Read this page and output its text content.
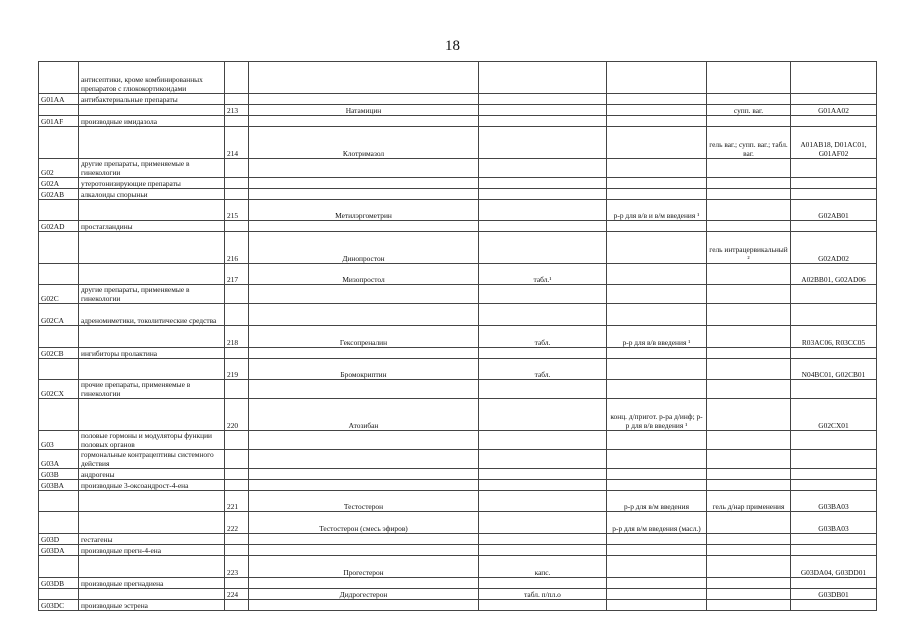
18
	антисептики, кроме комбинированных препаратов с глюкокортикоидами						
G01AA	антибактериальные препараты						
		213	Натамицин			супп. ваг.	G01AA02
G01AF	производные имидазола						
		214	Клотримазол			гель ваг.; супп. ваг.; табл. ваг.	A01AB18, D01AC01, G01AF02
G02	другие препараты, применяемые в гинекологии						
G02A	утеротонизирующие препараты						
G02AB	алкалоиды спорыньи						
		215	Метилэргометрин		р-р для в/в и в/м введения ¹		G02AB01
G02AD	простагландины						
		216	Динопростон			гель интрацервикальный ²	G02AD02
		217	Мизопростол	табл.¹			A02BB01, G02AD06
G02C	другие препараты, применяемые в гинекологии						
G02CA	адреномиметики, токолитические средства						
		218	Гексопреналин	табл.	р-р для в/в введения ¹		R03AC06, R03CC05
G02CB	ингибиторы пролактина						
		219	Бромокриптин	табл.			N04BC01, G02CB01
G02CX	прочие препараты, применяемые в гинекологии						
		220	Атозибан		конц. д/пригот. р-ра д/инф; р-р для в/в введения ¹		G02CX01
G03	половые гормоны и модуляторы функции половых органов						
G03A	гормональные контрацептивы системного действия						
G03B	андрогены						
G03BA	производные 3-оксоандрост-4-ена						
		221	Тестостерон		р-р для в/м введения	гель д/нар применения	G03BA03
		222	Тестостерон (смесь эфиров)		р-р для в/м введения (масл.)		G03BA03
G03D	гестагены						
G03DA	производные прегн-4-ена						
		223	Прогестерон	капс.			G03DA04, G03DD01
G03DB	производные прегнадиена						
		224	Дидрогестерон	табл. п/пл.о			G03DB01
G03DC	производные эстрена						
